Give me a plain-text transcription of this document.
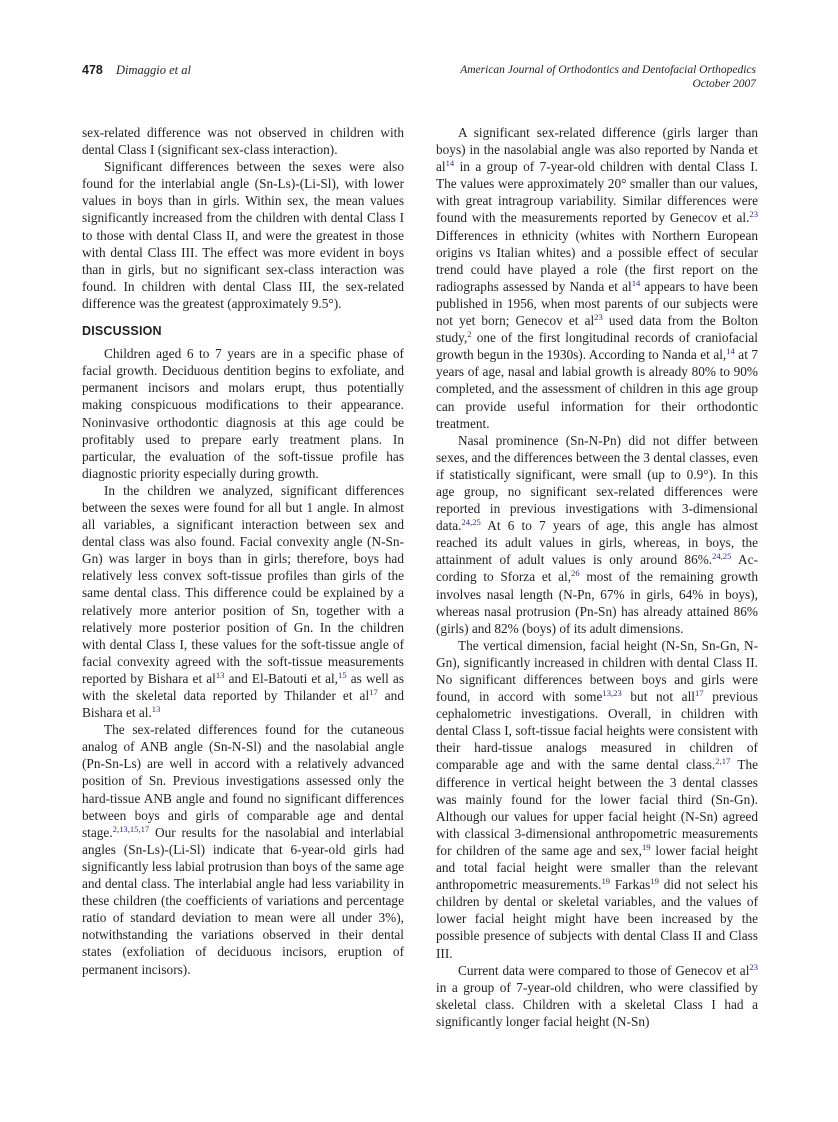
478 Dimaggio et al	American Journal of Orthodontics and Dentofacial Orthopedics
October 2007

sex-related difference was not observed in children with dental Class I (significant sex-class interaction).

Significant differences between the sexes were also found for the interlabial angle (Sn-Ls)-(Li-Sl), with lower values in boys than in girls. Within sex, the mean values significantly increased from the children with dental Class I to those with dental Class II, and were the greatest in those with dental Class III. The effect was more evident in boys than in girls, but no significant sex-class interaction was found. In children with dental Class III, the sex-related difference was the greatest (approximately 9.5°).

DISCUSSION

Children aged 6 to 7 years are in a specific phase of facial growth. Deciduous dentition begins to exfoliate, and permanent incisors and molars erupt, thus potentially making conspicuous modifications to their appearance. Noninvasive orthodontic diagnosis at this age could be profitably used to prepare early treatment plans. In particular, the evaluation of the soft-tissue profile has diagnostic priority especially during growth.

In the children we analyzed, significant differences between the sexes were found for all but 1 angle. In almost all variables, a significant interaction between sex and dental class was also found. Facial convexity angle (N-Sn-Gn) was larger in boys than in girls; therefore, boys had relatively less convex soft-tissue profiles than girls of the same dental class. This difference could be explained by a relatively more anterior position of Sn, together with a relatively more posterior position of Gn. In the children with dental Class I, these values for the soft-tissue angle of facial convexity agreed with the soft-tissue measurements reported by Bishara et al$^{13}$ and El-Batouti et al,$^{15}$ as well as with the skeletal data reported by Thilander et al$^{17}$ and Bishara et al.$^{13}$

The sex-related differences found for the cutaneous analog of ANB angle (Sn-N-Sl) and the nasolabial angle (Pn-Sn-Ls) are well in accord with a relatively advanced position of Sn. Previous investigations assessed only the hard-tissue ANB angle and found no significant differences between boys and girls of comparable age and dental stage.$^{2,13,15,17}$ Our results for the nasolabial and interlabial angles (Sn-Ls)-(Li-Sl) indicate that 6-year-old girls had significantly less labial protrusion than boys of the same age and dental class. The interlabial angle had less variability in these children (the coefficients of variations and percentage ratio of standard deviation to mean were all under 3%), notwithstanding the variations observed in their dental states (exfoliation of deciduous incisors, eruption of permanent incisors).

A significant sex-related difference (girls larger than boys) in the nasolabial angle was also reported by Nanda et al$^{14}$ in a group of 7-year-old children with dental Class I. The values were approximately 20° smaller than our values, with great intragroup variability. Similar differences were found with the measurements reported by Genecov et al.$^{23}$ Differences in ethnicity (whites with Northern European origins vs Italian whites) and a possible effect of secular trend could have played a role (the first report on the radiographs assessed by Nanda et al$^{14}$ appears to have been published in 1956, when most parents of our subjects were not yet born; Genecov et al$^{23}$ used data from the Bolton study,$^2$ one of the first longitudinal records of craniofacial growth begun in the 1930s). According to Nanda et al,$^{14}$ at 7 years of age, nasal and labial growth is already 80% to 90% completed, and the assessment of children in this age group can provide useful information for their orthodontic treatment.

Nasal prominence (Sn-N-Pn) did not differ between sexes, and the differences between the 3 dental classes, even if statistically significant, were small (up to 0.9°). In this age group, no significant sex-related differences were reported in previous investigations with 3-dimensional data.$^{24,25}$ At 6 to 7 years of age, this angle has almost reached its adult values in girls, whereas, in boys, the attainment of adult values is only around 86%.$^{24,25}$ According to Sforza et al,$^{26}$ most of the remaining growth involves nasal length (N-Pn, 67% in girls, 64% in boys), whereas nasal protrusion (Pn-Sn) has already attained 86% (girls) and 82% (boys) of its adult dimensions.

The vertical dimension, facial height (N-Sn, Sn-Gn, N-Gn), significantly increased in children with dental Class II. No significant differences between boys and girls were found, in accord with some$^{13,23}$ but not all$^{17}$ previous cephalometric investigations. Overall, in children with dental Class I, soft-tissue facial heights were consistent with their hard-tissue analogs measured in children of comparable age and with the same dental class.$^{2,17}$ The difference in vertical height between the 3 dental classes was mainly found for the lower facial third (Sn-Gn). Although our values for upper facial height (N-Sn) agreed with classical 3-dimensional anthropometric measurements for children of the same age and sex,$^{19}$ lower facial height and total facial height were smaller than the relevant anthropometric measurements.$^{19}$ Farkas$^{19}$ did not select his children by dental or skeletal variables, and the values of lower facial height might have been increased by the possible presence of subjects with dental Class II and Class III.

Current data were compared to those of Genecov et al$^{23}$ in a group of 7-year-old children, who were classified by skeletal class. Children with a skeletal Class I had a significantly longer facial height (N-Sn)
